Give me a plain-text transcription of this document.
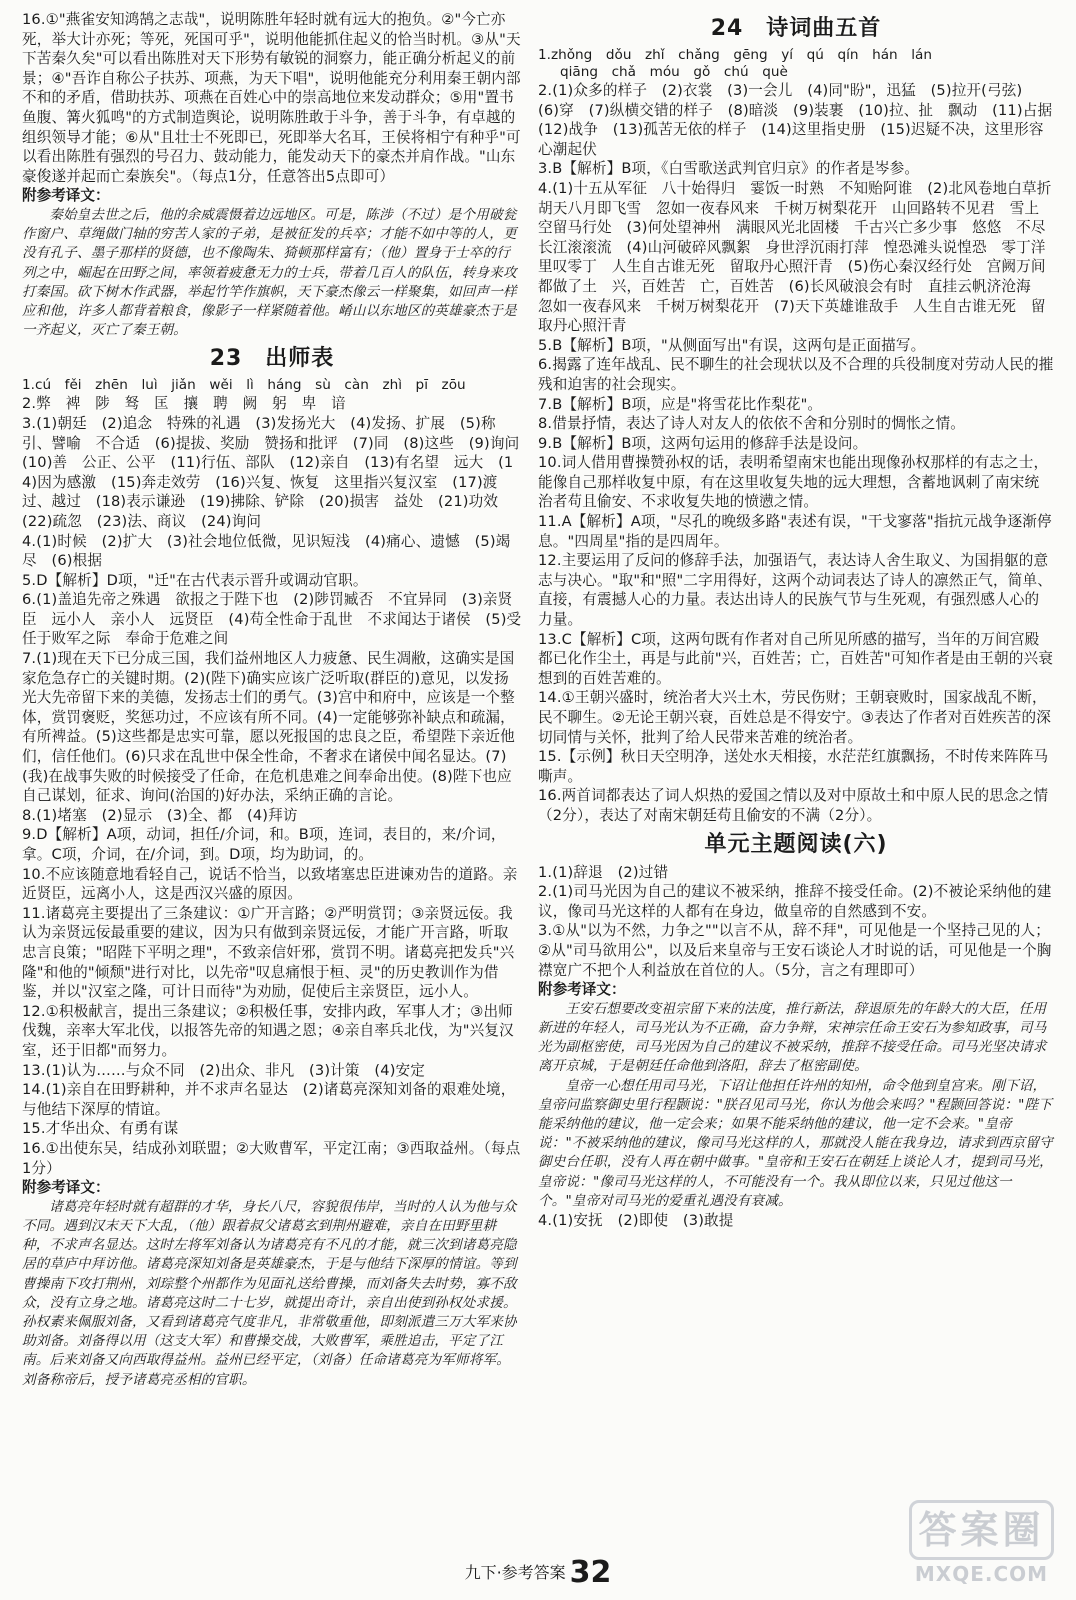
16.①"燕雀安知鸿鹄之志哉"，说明陈胜年轻时就有远大的抱负。②"今亡亦死，举大计亦死；等死，死国可乎"，说明他能抓住起义的恰当时机。③从"天下苦秦久矣"可以看出陈胜对天下形势有敏锐的洞察力，能正确分析起义的前景；④"吾诈自称公子扶苏、项燕，为天下唱"，说明他能充分利用秦王朝内部不和的矛盾，借助扶苏、项燕在百姓心中的崇高地位来发动群众；⑤用"置书鱼腹、篝火狐鸣"的方式制造舆论，说明陈胜敢于斗争，善于斗争，有卓越的组织领导才能；⑥从"且壮士不死即已，死即举大名耳，王侯将相宁有种乎"可以看出陈胜有强烈的号召力、鼓动能力，能发动天下的豪杰并肩作战。"山东豪俊遂并起而亡秦族矣"。（每点1分，任意答出5点即可）

附参考译文：

秦始皇去世之后，他的余威震慑着边远地区。可是，陈涉（不过）是个用破瓮作窗户、草绳做门轴的穷苦人家的子弟，是被征发的兵卒；才能不如中等的人，更没有孔子、墨子那样的贤德，也不像陶朱、猗顿那样富有；（他）置身于士卒的行列之中，崛起在田野之间，率领着疲惫无力的士兵，带着几百人的队伍，转身来攻打秦国。砍下树木作武器，举起竹竿作旗帜，天下豪杰像云一样聚集，如回声一样应和他，许多人都背着粮食，像影子一样紧随着他。崤山以东地区的英雄豪杰于是一齐起义，灭亡了秦王朝。

23　出师表

1.cú　fěi　zhēn　luì　jiǎn　wěi　lì　háng　sù　càn　zhì　pī　zōu

2.弊　裨　陟　驽　匡　攘　聘　阙　躬　卑　谙

3.(1)朝廷　(2)追念　特殊的礼遇　(3)发扬光大　(4)发扬、扩展　(5)称引、譬喻　不合适　(6)提拔、奖励　赞扬和批评　(7)同　(8)这些　(9)询问　(10)善　公正、公平　(11)行伍、部队　(12)亲自　(13)有名望　远大　(14)因为感激　(15)奔走效劳　(16)兴复、恢复　这里指兴复汉室　(17)渡过、越过　(18)表示谦逊　(19)拂除、铲除　(20)损害　益处　(21)功效　(22)疏忽　(23)法、商议　(24)询问

4.(1)时候　(2)扩大　(3)社会地位低微，见识短浅　(4)痛心、遗憾　(5)竭尽　(6)根据

5.D【解析】D项，"迁"在古代表示晋升或调动官职。

6.(1)盖追先帝之殊遇　欲报之于陛下也　(2)陟罚臧否　不宜异同　(3)亲贤臣　远小人　亲小人　远贤臣　(4)苟全性命于乱世　不求闻达于诸侯　(5)受任于败军之际　奉命于危难之间

7.(1)现在天下已分成三国，我们益州地区人力疲惫、民生凋敝，这确实是国家危急存亡的关键时期。(2)(陛下)确实应该广泛听取(群臣的)意见，以发扬光大先帝留下来的美德，发扬志士们的勇气。(3)宫中和府中，应该是一个整体，赏罚褒贬，奖惩功过，不应该有所不同。(4)一定能够弥补缺点和疏漏，有所裨益。(5)这些都是忠实可靠，愿以死报国的忠良之臣，希望陛下亲近他们，信任他们。(6)只求在乱世中保全性命，不奢求在诸侯中闻名显达。(7)(我)在战事失败的时候接受了任命，在危机患难之间奉命出使。(8)陛下也应自己谋划，征求、询问(治国的)好办法，采纳正确的言论。

8.(1)堵塞　(2)显示　(3)全、都　(4)拜访

9.D【解析】A项，动词，担任/介词，和。B项，连词，表目的，来/介词，拿。C项，介词，在/介词，到。D项，均为助词，的。

10.不应该随意地看轻自己，说话不恰当，以致堵塞忠臣进谏劝告的道路。亲近贤臣，远离小人，这是西汉兴盛的原因。

11.诸葛亮主要提出了三条建议：①广开言路；②严明赏罚；③亲贤远佞。我认为亲贤远佞最重要的建议，因为只有做到亲贤远佞，才能广开言路，听取忠言良策；"昭陛下平明之理"，不致亲信奸邪，赏罚不明。诸葛亮把发兵"兴隆"和他的"倾颓"进行对比，以先帝"叹息痛恨于桓、灵"的历史教训作为借鉴，并以"汉室之隆，可计日而待"为劝励，促使后主亲贤臣，远小人。

12.①积极献言，提出三条建议；②积极任事，安排内政，军事人才；③出师伐魏，亲率大军北伐，以报答先帝的知遇之恩；④亲自率兵北伐，为"兴复汉室，还于旧都"而努力。

13.(1)认为……与众不同　(2)出众、非凡　(3)计策　(4)安定

14.(1)亲自在田野耕种，并不求声名显达　(2)诸葛亮深知刘备的艰难处境，与他结下深厚的情谊。

15.才华出众、有勇有谋

16.①出使东吴，结成孙刘联盟；②大败曹军，平定江南；③西取益州。（每点1分）

附参考译文：

诸葛亮年轻时就有超群的才华，身长八尺，容貌很伟岸，当时的人认为他与众不同。遇到汉末天下大乱，（他）跟着叔父诸葛玄到荆州避难，亲自在田野里耕种，不求声名显达。这时左将军刘备认为诸葛亮有不凡的才能，就三次到诸葛亮隐居的草庐中拜访他。诸葛亮深知刘备是英雄豪杰，于是与他结下深厚的情谊。等到曹操南下攻打荆州，刘琮整个州都作为见面礼送给曹操，而刘备失去时势，寡不敌众，没有立身之地。诸葛亮这时二十七岁，就提出奇计，亲自出使到孙权处求援。孙权素来佩服刘备，又看到诸葛亮气度非凡，非常敬重他，即刻派遣三万大军来协助刘备。刘备得以用（这支大军）和曹操交战，大败曹军，乘胜追击，平定了江南。后来刘备又向西取得益州。益州已经平定，（刘备）任命诸葛亮为军师将军。刘备称帝后，授予诸葛亮丞相的官职。

24　诗词曲五首

1.zhǒng　dǒu　zhǐ　chǎng　gēng　yí　qú　qín　hán　lán

qiāng　chǎ　móu　gǒ　chú　què

2.(1)众多的样子　(2)衣裳　(3)一会儿　(4)同"盼"，迅猛　(5)拉开(弓弦)　(6)穿　(7)纵横交错的样子　(8)暗淡　(9)装裹　(10)拉、扯　飘动　(11)占据　(12)战争　(13)孤苦无依的样子　(14)这里指史册　(15)迟疑不决，这里形容心潮起伏

3.B【解析】B项，《白雪歌送武判官归京》的作者是岑参。

4.(1)十五从军征　八十始得归　霎饭一时熟　不知贻阿谁　(2)北风卷地白草折　胡天八月即飞雪　忽如一夜春风来　千树万树梨花开　山回路转不见君　雪上空留马行处　(3)何处望神州　满眼风光北固楼　千古兴亡多少事　悠悠　不尽长江滚滚流　(4)山河破碎风飘絮　身世浮沉雨打萍　惶恐滩头说惶恐　零丁洋里叹零丁　人生自古谁无死　留取丹心照汗青　(5)伤心秦汉经行处　宫阙万间都做了土　兴，百姓苦　亡，百姓苦　(6)长风破浪会有时　直挂云帆济沧海　忽如一夜春风来　千树万树梨花开　(7)天下英雄谁敌手　人生自古谁无死　留取丹心照汗青

5.B【解析】B项，"从侧面写出"有误，这两句是正面描写。

6.揭露了连年战乱、民不聊生的社会现状以及不合理的兵役制度对劳动人民的摧残和迫害的社会现实。

7.B【解析】B项，应是"将雪花比作梨花"。

8.借景抒情，表达了诗人对友人的依依不舍和分别时的惆怅之情。

9.B【解析】B项，这两句运用的修辞手法是设问。

10.词人借用曹操赞孙权的话，表明希望南宋也能出现像孙权那样的有志之士，能像自己那样收复中原，有在这里收复失地的远大理想，含蓄地讽刺了南宋统治者苟且偷安、不求收复失地的愤懑之情。

11.A【解析】A项，"尽孔的晚级多路"表述有误，"干戈寥落"指抗元战争逐渐停息。"四周星"指的是四周年。

12.主要运用了反问的修辞手法，加强语气，表达诗人舍生取义、为国捐躯的意志与决心。"取"和"照"二字用得好，这两个动词表达了诗人的凛然正气，简单、直接，有震撼人心的力量。表达出诗人的民族气节与生死观，有强烈感人心的力量。

13.C【解析】C项，这两句既有作者对自己所见所感的描写，当年的万间宫殿都已化作尘土，再是与此前"兴，百姓苦；亡，百姓苦"可知作者是由王朝的兴衰想到的百姓苦难的。

14.①王朝兴盛时，统治者大兴土木，劳民伤财；王朝衰败时，国家战乱不断，民不聊生。②无论王朝兴衰，百姓总是不得安宁。③表达了作者对百姓疾苦的深切同情与关怀，批判了给人民带来苦难的统治者。

15.【示例】秋日天空明净，送处水天相接，水茫茫红旗飘扬，不时传来阵阵马嘶声。

16.两首词都表达了词人炽热的爱国之情以及对中原故土和中原人民的思念之情（2分），表达了对南宋朝廷苟且偷安的不满（2分）。

单元主题阅读(六)

1.(1)辞退　(2)过错

2.(1)司马光因为自己的建议不被采纳，推辞不接受任命。(2)不被论采纳他的建议，像司马光这样的人都有在身边，做皇帝的自然感到不安。

3.①从"以为不然，力争之""以言不从，辞不拜"，可见他是一个坚持己见的人；②从"司马欲用公"，以及后来皇帝与王安石谈论人才时说的话，可见他是一个胸襟宽广不把个人利益放在首位的人。（5分，言之有理即可）

附参考译文：

王安石想要改变祖宗留下来的法度，推行新法，辞退原先的年龄大的大臣，任用新进的年轻人，司马光认为不正确，奋力争辩，宋神宗任命王安石为参知政事，司马光为副枢密使，司马光因为自己的建议不被采纳，推辞不接受任命。司马光坚决请求离开京城，于是朝廷任命他到洛阳，辞去了枢密副使。

皇帝一心想任用司马光，下诏让他担任许州的知州，命令他到皇宫来。刚下诏，皇帝问监察御史里行程颢说："朕召见司马光，你认为他会来吗？"程颢回答说："陛下能采纳他的建议，他一定会来；如果不能采纳他的建议，他一定不会来。"皇帝说："不被采纳他的建议，像司马光这样的人，那就没人能在我身边，请求到西京留守御史台任职，没有人再在朝中做事。"皇帝和王安石在朝廷上谈论人才，提到司马光，皇帝说："像司马光这样的人，不可能没有一个。我从即位以来，只见过他这一个。"皇帝对司马光的爱重礼遇没有衰减。

4.(1)安抚　(2)即使　(3)敢提

九下·参考答案 32
答案圈
MXQE.COM
